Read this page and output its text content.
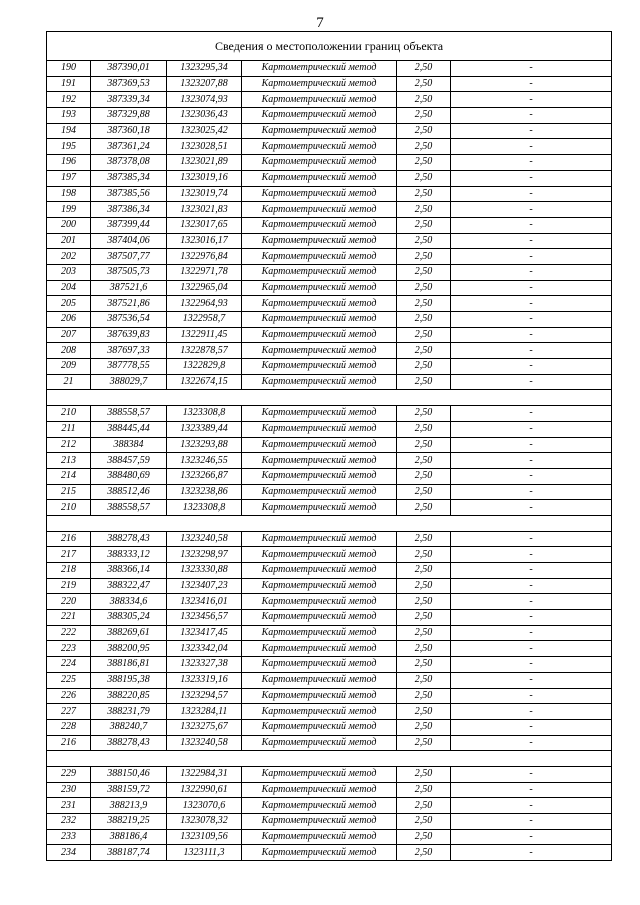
7
Сведения о местоположении границ объекта					
190	387390,01	1323295,34	Картометрический метод	2,50	-
191	387369,53	1323207,88	Картометрический метод	2,50	-
192	387339,34	1323074,93	Картометрический метод	2,50	-
193	387329,88	1323036,43	Картометрический метод	2,50	-
194	387360,18	1323025,42	Картометрический метод	2,50	-
195	387361,24	1323028,51	Картометрический метод	2,50	-
196	387378,08	1323021,89	Картометрический метод	2,50	-
197	387385,34	1323019,16	Картометрический метод	2,50	-
198	387385,56	1323019,74	Картометрический метод	2,50	-
199	387386,34	1323021,83	Картометрический метод	2,50	-
200	387399,44	1323017,65	Картометрический метод	2,50	-
201	387404,06	1323016,17	Картометрический метод	2,50	-
202	387507,77	1322976,84	Картометрический метод	2,50	-
203	387505,73	1322971,78	Картометрический метод	2,50	-
204	387521,6	1322965,04	Картометрический метод	2,50	-
205	387521,86	1322964,93	Картометрический метод	2,50	-
206	387536,54	1322958,7	Картометрический метод	2,50	-
207	387639,83	1322911,45	Картометрический метод	2,50	-
208	387697,33	1322878,57	Картометрический метод	2,50	-
209	387778,55	1322829,8	Картометрический метод	2,50	-
21	388029,7	1322674,15	Картометрический метод	2,50	-

210	388558,57	1323308,8	Картометрический метод	2,50	-
211	388445,44	1323389,44	Картометрический метод	2,50	-
212	388384	1323293,88	Картометрический метод	2,50	-
213	388457,59	1323246,55	Картометрический метод	2,50	-
214	388480,69	1323266,87	Картометрический метод	2,50	-
215	388512,46	1323238,86	Картометрический метод	2,50	-
210	388558,57	1323308,8	Картометрический метод	2,50	-

216	388278,43	1323240,58	Картометрический метод	2,50	-
217	388333,12	1323298,97	Картометрический метод	2,50	-
218	388366,14	1323330,88	Картометрический метод	2,50	-
219	388322,47	1323407,23	Картометрический метод	2,50	-
220	388334,6	1323416,01	Картометрический метод	2,50	-
221	388305,24	1323456,57	Картометрический метод	2,50	-
222	388269,61	1323417,45	Картометрический метод	2,50	-
223	388200,95	1323342,04	Картометрический метод	2,50	-
224	388186,81	1323327,38	Картометрический метод	2,50	-
225	388195,38	1323319,16	Картометрический метод	2,50	-
226	388220,85	1323294,57	Картометрический метод	2,50	-
227	388231,79	1323284,11	Картометрический метод	2,50	-
228	388240,7	1323275,67	Картометрический метод	2,50	-
216	388278,43	1323240,58	Картометрический метод	2,50	-

229	388150,46	1322984,31	Картометрический метод	2,50	-
230	388159,72	1322990,61	Картометрический метод	2,50	-
231	388213,9	1323070,6	Картометрический метод	2,50	-
232	388219,25	1323078,32	Картометрический метод	2,50	-
233	388186,4	1323109,56	Картометрический метод	2,50	-
234	388187,74	1323111,3	Картометрический метод	2,50	-
